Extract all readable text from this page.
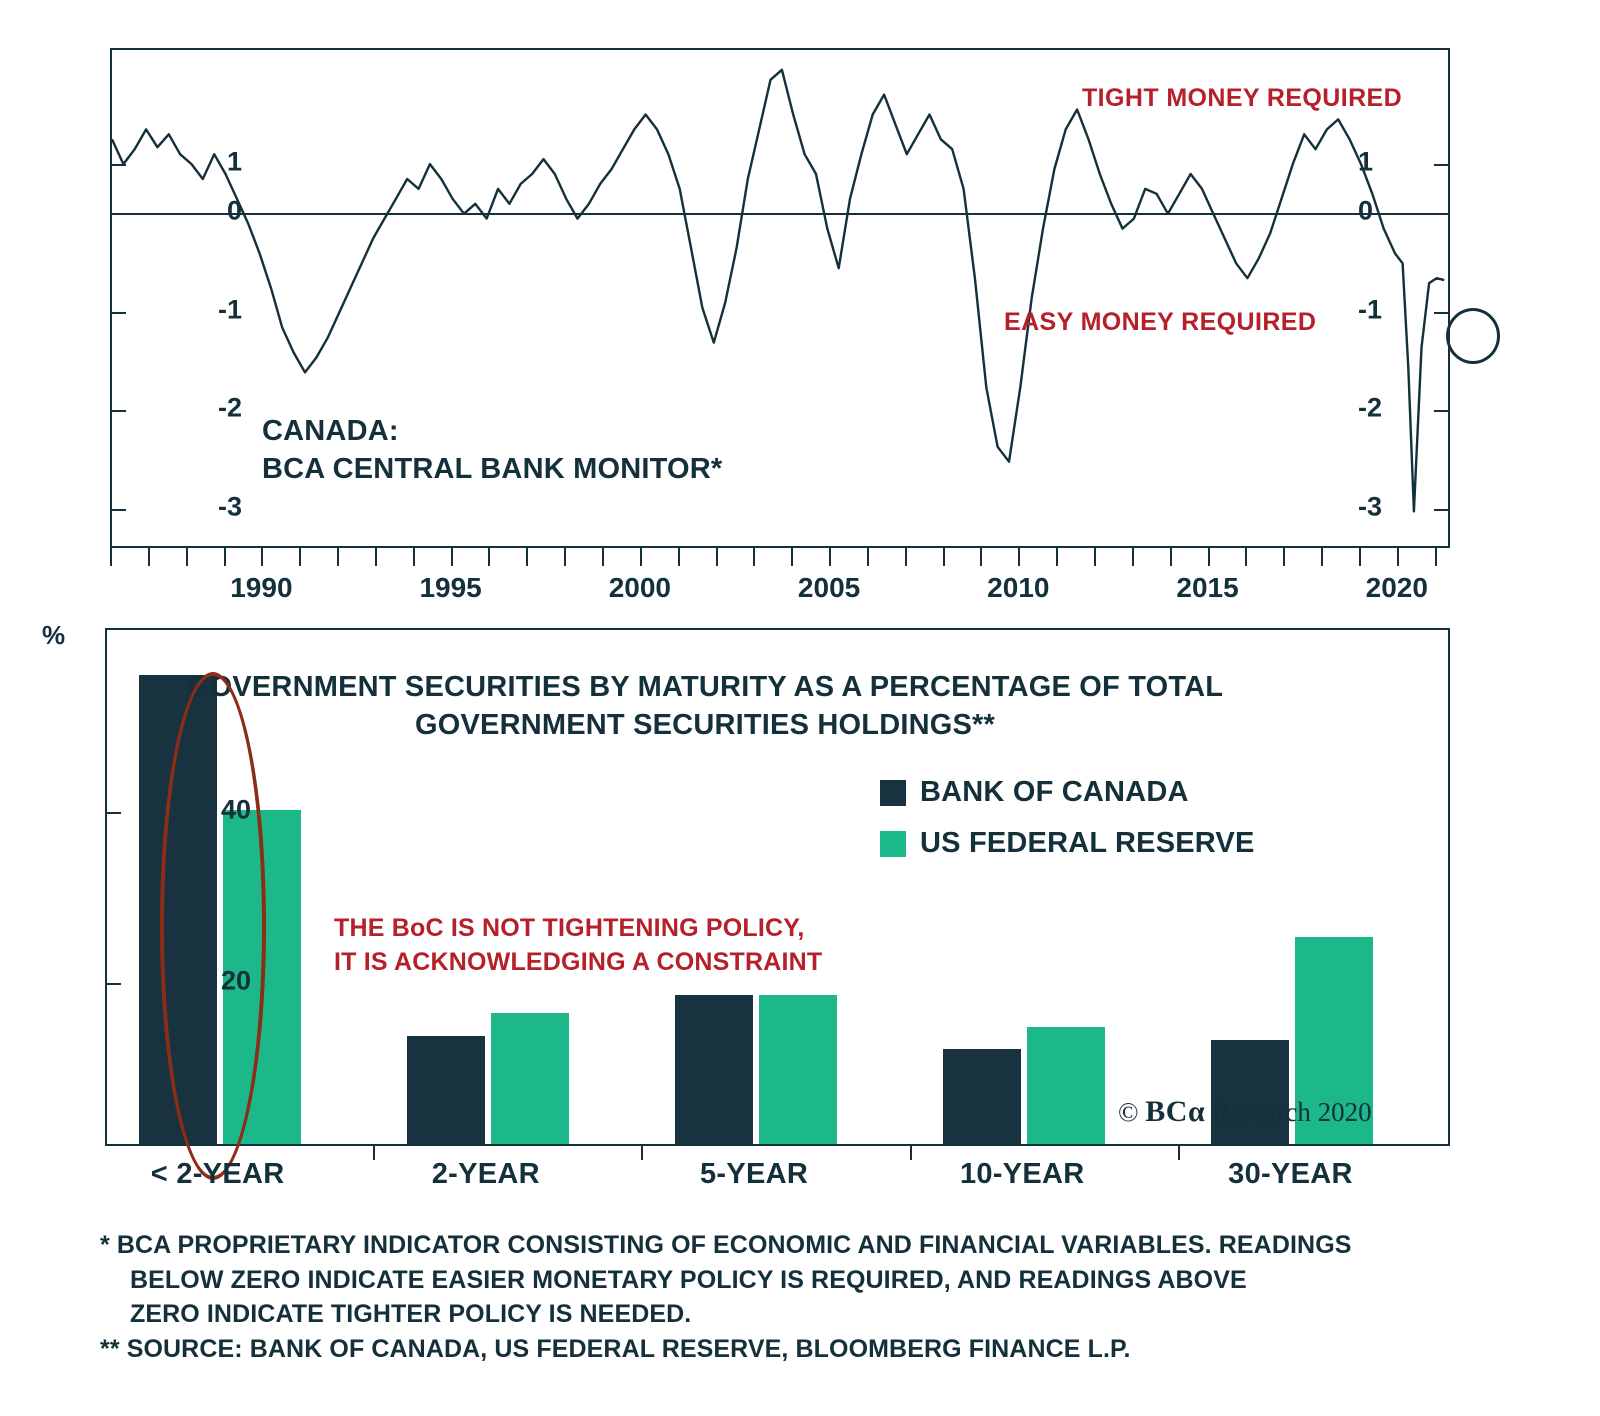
1
0
-1
-2
-3
1
0
-1
-2
-3
TIGHT MONEY REQUIRED
EASY MONEY REQUIRED
CANADA:
BCA CENTRAL BANK MONITOR*
1990	1995	2000	2005	2010	2015	2020
%
40
20
GOVERNMENT SECURITIES BY MATURITY AS A PERCENTAGE OF TOTAL
GOVERNMENT SECURITIES HOLDINGS**
BANK OF CANADA
US FEDERAL RESERVE
THE BoC IS NOT TIGHTENING POLICY,
IT IS ACKNOWLEDGING A CONSTRAINT
© BCα Research 2020
< 2-YEAR	2-YEAR	5-YEAR	10-YEAR	30-YEAR
* BCA PROPRIETARY INDICATOR CONSISTING OF ECONOMIC AND FINANCIAL VARIABLES. READINGS
BELOW ZERO INDICATE EASIER MONETARY POLICY IS REQUIRED, AND READINGS ABOVE
ZERO INDICATE TIGHTER POLICY IS NEEDED.
** SOURCE: BANK OF CANADA, US FEDERAL RESERVE, BLOOMBERG FINANCE L.P.
